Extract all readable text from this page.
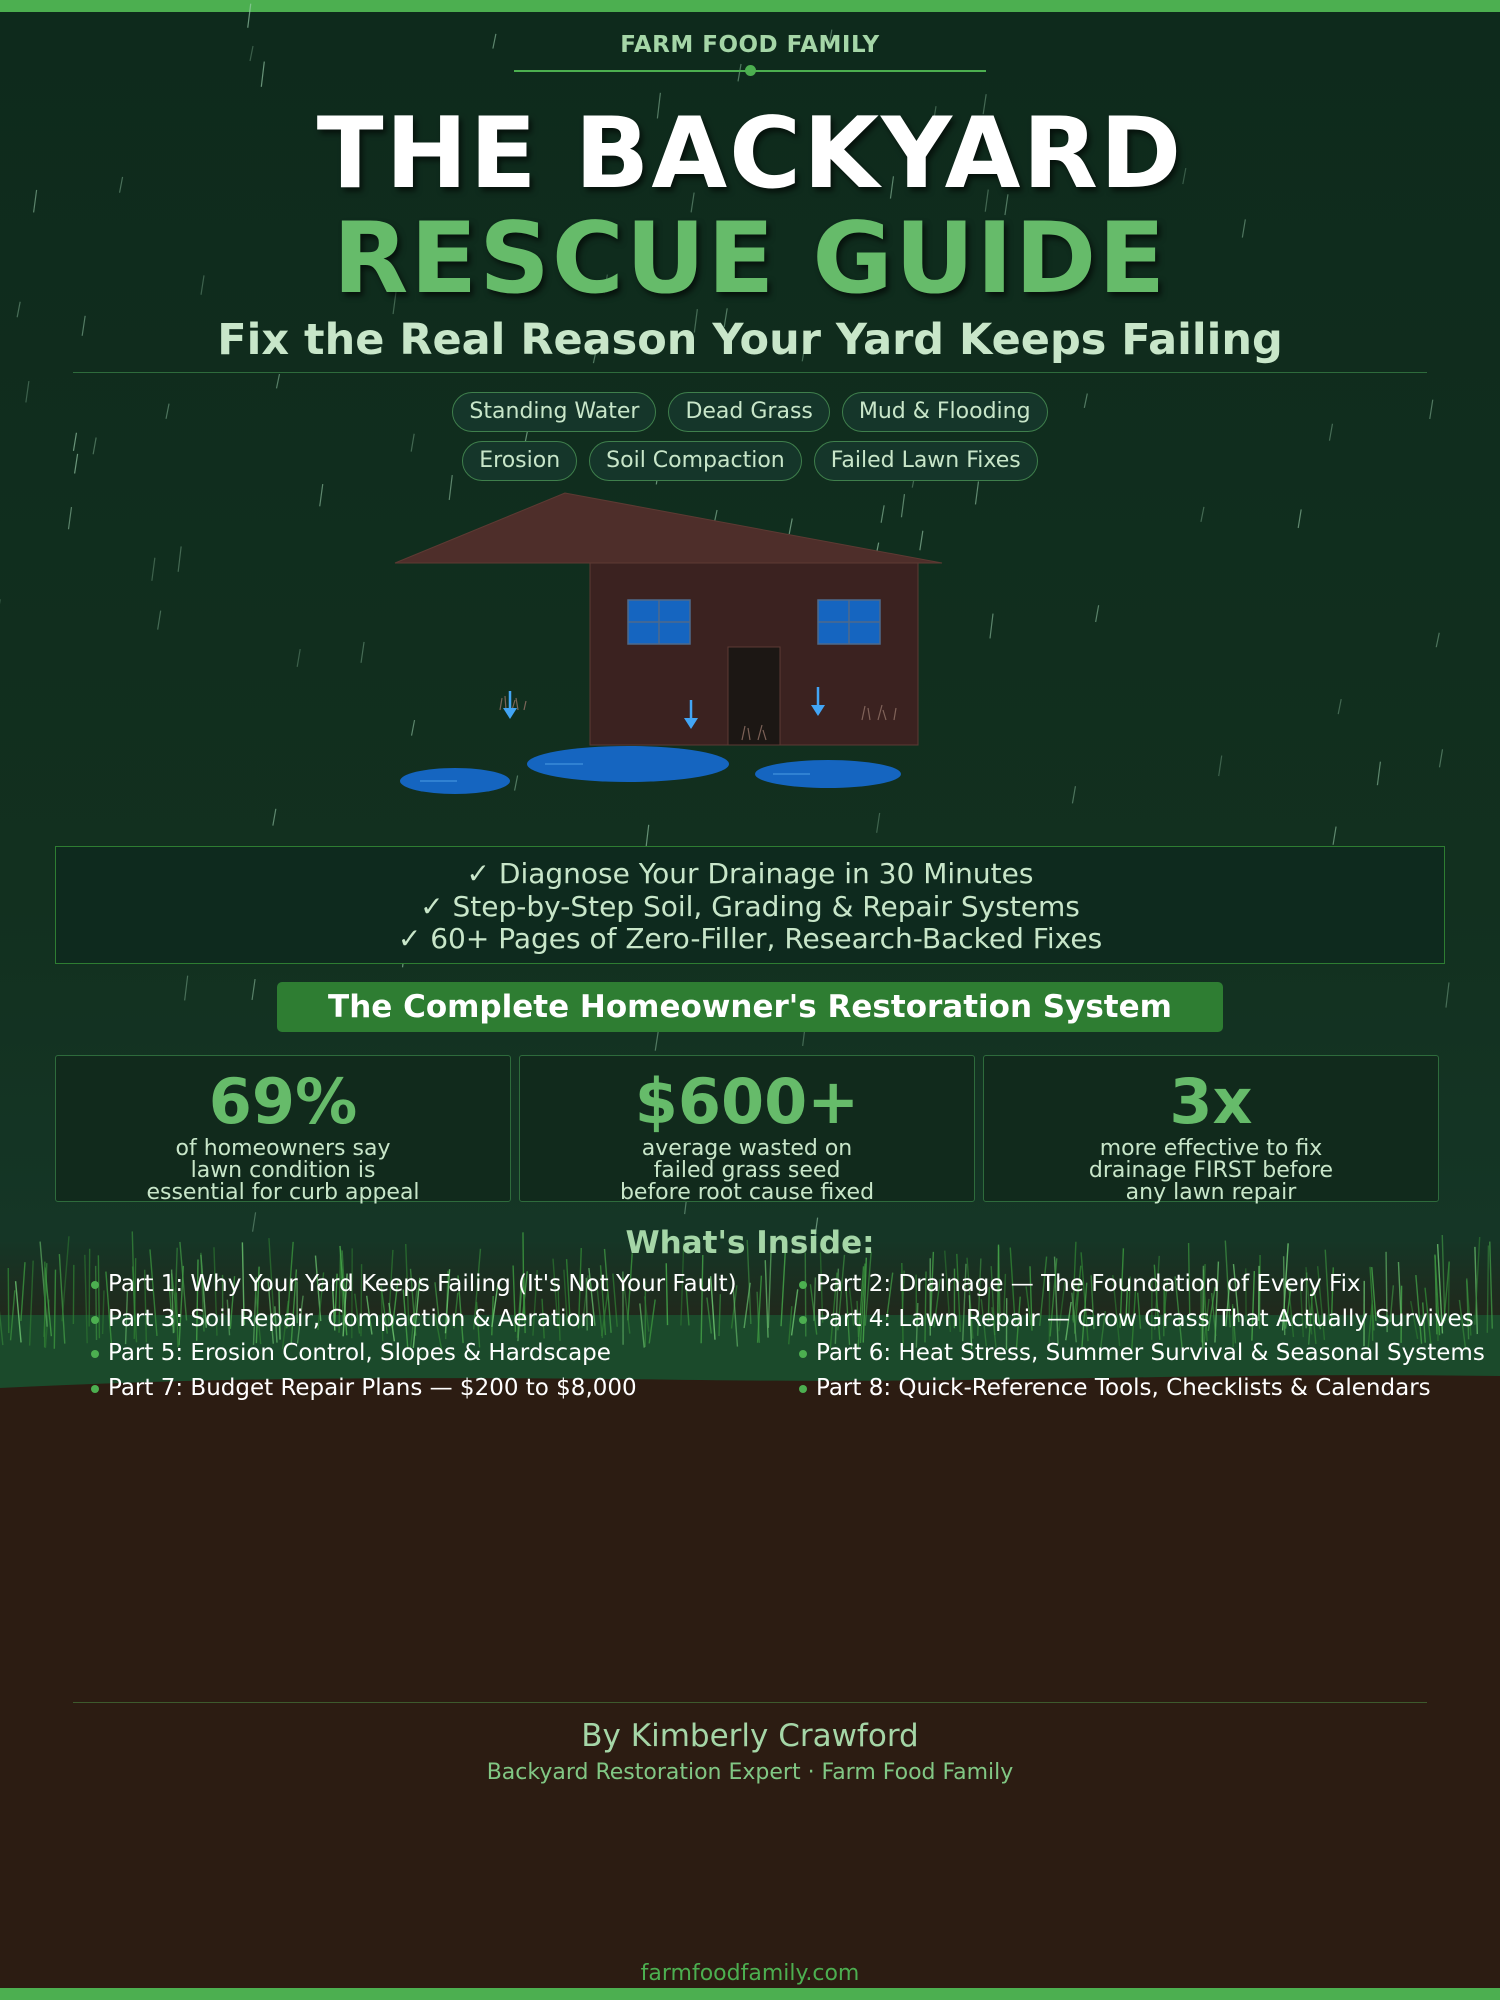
FARM FOOD FAMILY
THE BACKYARD
RESCUE GUIDE
Fix the Real Reason Your Yard Keeps Failing
Standing Water	Dead Grass	Mud & Flooding
Erosion	Soil Compaction	Failed Lawn Fixes
✓ Diagnose Your Drainage in 30 Minutes
✓ Step-by-Step Soil, Grading & Repair Systems
✓ 60+ Pages of Zero-Filler, Research-Backed Fixes
The Complete Homeowner's Restoration System
69%
of homeowners say
lawn condition is
essential for curb appeal
$600+
average wasted on
failed grass seed
before root cause fixed
3x
more effective to fix
drainage FIRST before
any lawn repair
What's Inside:
Part 1: Why Your Yard Keeps Failing (It's Not Your Fault)	Part 2: Drainage — The Foundation of Every Fix
Part 3: Soil Repair, Compaction & Aeration	Part 4: Lawn Repair — Grow Grass That Actually Survives
Part 5: Erosion Control, Slopes & Hardscape	Part 6: Heat Stress, Summer Survival & Seasonal Systems
Part 7: Budget Repair Plans — $200 to $8,000	Part 8: Quick-Reference Tools, Checklists & Calendars
By Kimberly Crawford
Backyard Restoration Expert · Farm Food Family
farmfoodfamily.com
